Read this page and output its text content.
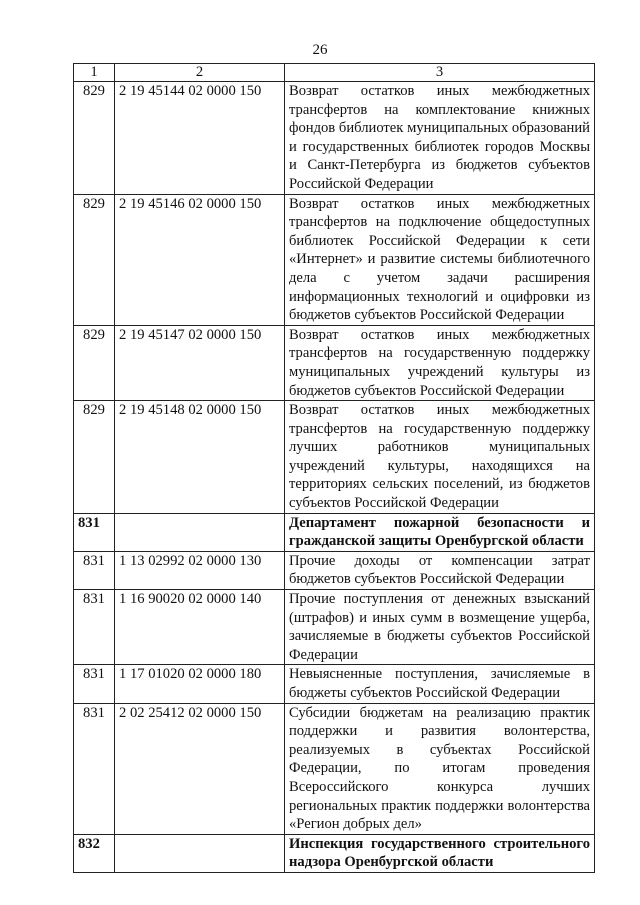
26
1	2	3
829	2 19 45144 02 0000 150	Возврат остатков иных межбюджетных трансфертов на комплектование книжных фондов библиотек муниципальных образований и государственных библиотек городов Москвы и Санкт-Петербурга из бюджетов субъектов Российской Федерации
829	2 19 45146 02 0000 150	Возврат остатков иных межбюджетных трансфертов на подключение общедоступных библиотек Российской Федерации к сети «Интернет» и развитие системы библиотечного дела с учетом задачи расширения информационных технологий и оцифровки из бюджетов субъектов Российской Федерации
829	2 19 45147 02 0000 150	Возврат остатков иных межбюджетных трансфертов на государственную поддержку муниципальных учреждений культуры из бюджетов субъектов Российской Федерации
829	2 19 45148 02 0000 150	Возврат остатков иных межбюджетных трансфертов на государственную поддержку лучших работников муниципальных учреждений культуры, находящихся на территориях сельских поселений, из бюджетов субъектов Российской Федерации
831		Департамент пожарной безопасности и гражданской защиты Оренбургской области
831	1 13 02992 02 0000 130	Прочие доходы от компенсации затрат бюджетов субъектов Российской Федерации
831	1 16 90020 02 0000 140	Прочие поступления от денежных взысканий (штрафов) и иных сумм в возмещение ущерба, зачисляемые в бюджеты субъектов Российской Федерации
831	1 17 01020 02 0000 180	Невыясненные поступления, зачисляемые в бюджеты субъектов Российской Федерации
831	2 02 25412 02 0000 150	Субсидии бюджетам на реализацию практик поддержки и развития волонтерства, реализуемых в субъектах Российской Федерации, по итогам проведения Всероссийского конкурса лучших региональных практик поддержки волонтерства «Регион добрых дел»
832		Инспекция государственного строительного надзора Оренбургской области
